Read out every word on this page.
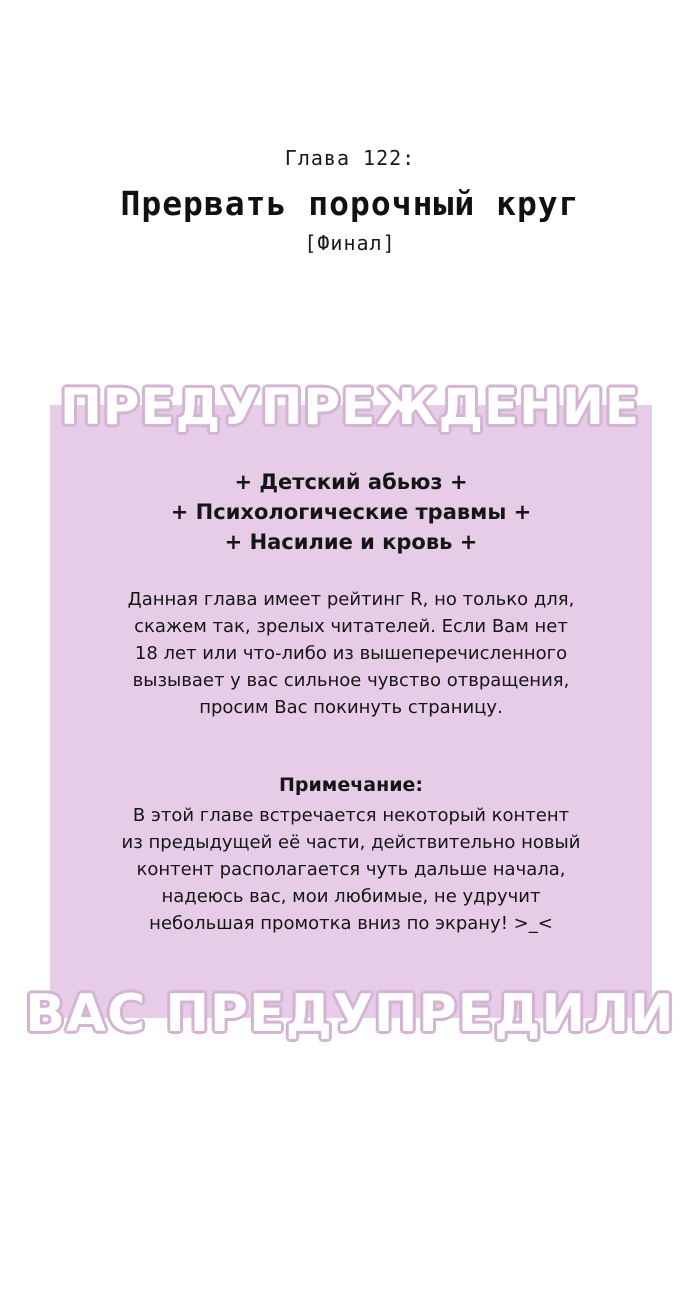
Глава 122:
Прервать порочный круг
[Финал]
ПРЕДУПРЕЖДЕНИЕ
+ Детский абьюз +
+ Психологические травмы +
+ Насилие и кровь +
Данная глава имеет рейтинг R, но только для,
скажем так, зрелых читателей. Если Вам нет
18 лет или что-либо из вышеперечисленного
вызывает у вас сильное чувство отвращения,
просим Вас покинуть страницу.
Примечание:
В этой главе встречается некоторый контент
из предыдущей её части, действительно новый
контент располагается чуть дальше начала,
надеюсь вас, мои любимые, не удручит
небольшая промотка вниз по экрану! >_<
ВАС ПРЕДУПРЕДИЛИ
